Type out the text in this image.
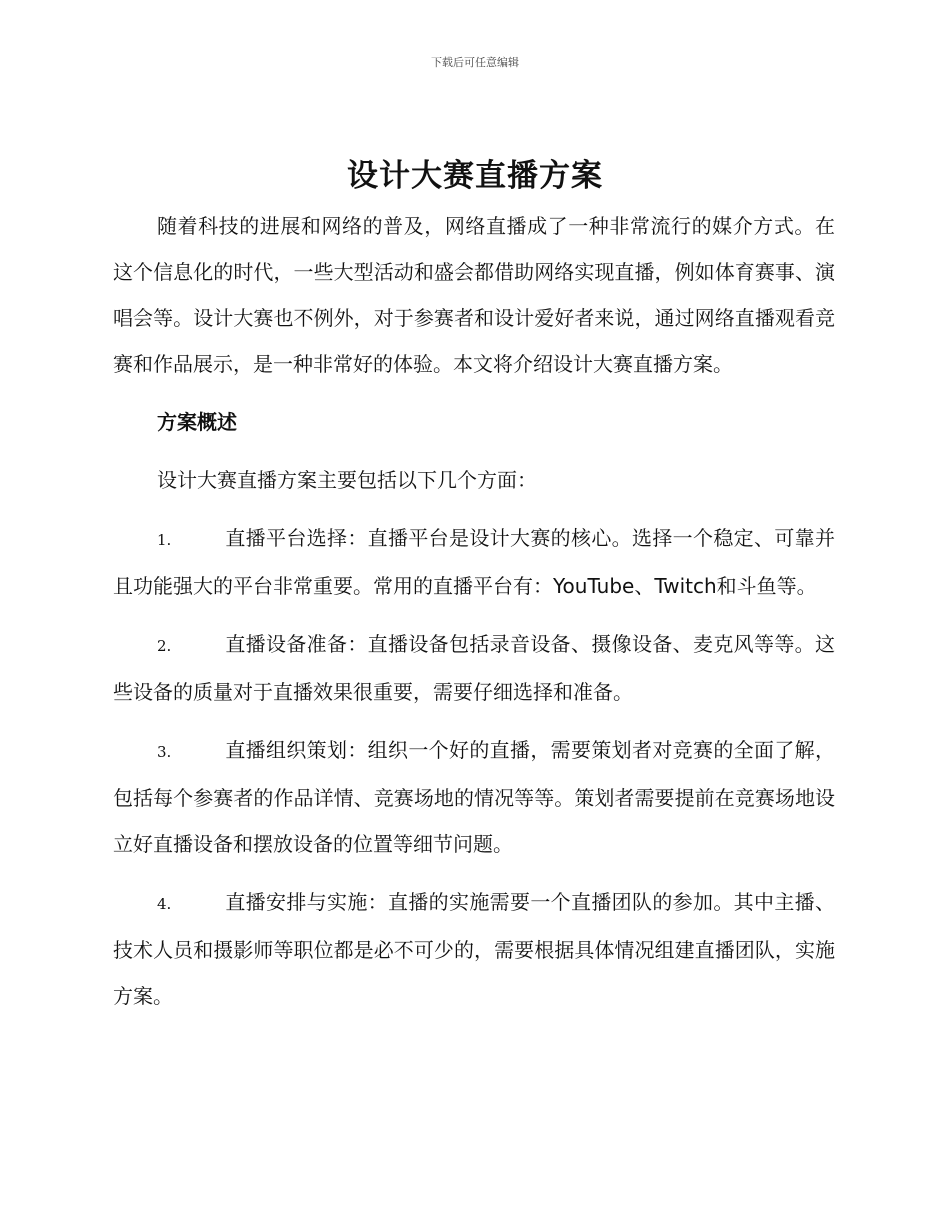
下载后可任意编辑
设计大赛直播方案

随着科技的进展和网络的普及，网络直播成了一种非常流行的媒介方式。在这个信息化的时代，一些大型活动和盛会都借助网络实现直播，例如体育赛事、演唱会等。设计大赛也不例外，对于参赛者和设计爱好者来说，通过网络直播观看竞赛和作品展示，是一种非常好的体验。本文将介绍设计大赛直播方案。

方案概述

设计大赛直播方案主要包括以下几个方面：

1.	直播平台选择：直播平台是设计大赛的核心。选择一个稳定、可靠并且功能强大的平台非常重要。常用的直播平台有：YouTube、Twitch和斗鱼等。

2.	直播设备准备：直播设备包括录音设备、摄像设备、麦克风等等。这些设备的质量对于直播效果很重要，需要仔细选择和准备。

3.	直播组织策划：组织一个好的直播，需要策划者对竞赛的全面了解，包括每个参赛者的作品详情、竞赛场地的情况等等。策划者需要提前在竞赛场地设立好直播设备和摆放设备的位置等细节问题。

4.	直播安排与实施：直播的实施需要一个直播团队的参加。其中主播、技术人员和摄影师等职位都是必不可少的，需要根据具体情况组建直播团队，实施方案。
